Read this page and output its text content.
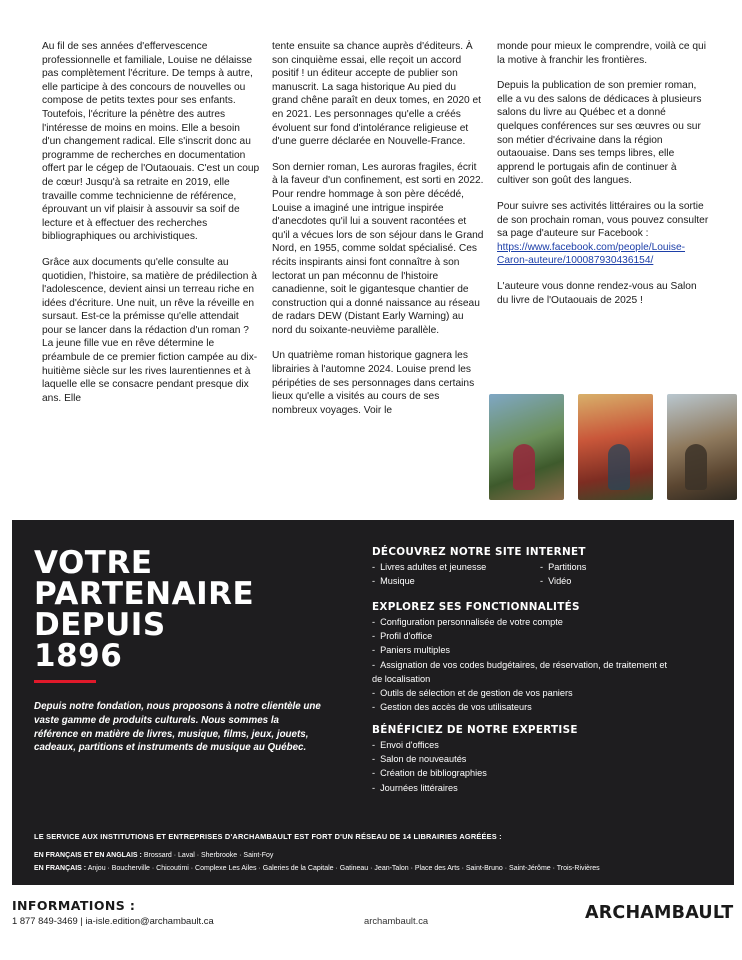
Au fil de ses années d'effervescence professionnelle et familiale, Louise ne délaisse pas complètement l'écriture. De temps à autre, elle participe à des concours de nouvelles ou compose de petits textes pour ses enfants. Toutefois, l'écriture la pénètre des autres l'intéresse de moins en moins. Elle a besoin d'un changement radical. Elle s'inscrit donc au programme de recherches en documentation offert par le cégep de l'Outaouais. C'est un coup de cœur! Jusqu'à sa retraite en 2019, elle travaille comme technicienne de référence, éprouvant un vif plaisir à assouvir sa soif de lecture et à effectuer des recherches bibliographiques ou archivistiques.

Grâce aux documents qu'elle consulte au quotidien, l'histoire, sa matière de prédilection à l'adolescence, devient ainsi un terreau riche en idées d'écriture. Une nuit, un rêve la réveille en sursaut. Est-ce la prémisse qu'elle attendait pour se lancer dans la rédaction d'un roman ? La jeune fille vue en rêve détermine le préambule de ce premier fiction campée au dix-huitième siècle sur les rives laurentiennes et à laquelle elle se consacre pendant presque dix ans. Elle

tente ensuite sa chance auprès d'éditeurs. À son cinquième essai, elle reçoit un accord positif ! un éditeur accepte de publier son manuscrit. La saga historique Au pied du grand chêne paraît en deux tomes, en 2020 et en 2021. Les personnages qu'elle a créés évoluent sur fond d'intolérance religieuse et d'une guerre déclarée en Nouvelle-France.

Son dernier roman, Les auroras fragiles, écrit à la faveur d'un confinement, est sorti en 2022. Pour rendre hommage à son père décédé, Louise a imaginé une intrigue inspirée d'anecdotes qu'il lui a souvent racontées et qu'il a vécues lors de son séjour dans le Grand Nord, en 1955, comme soldat spécialisé. Ces récits inspirants ainsi font connaître à son lectorat un pan méconnu de l'histoire canadienne, soit le gigantesque chantier de construction qui a donné naissance au réseau de radars DEW (Distant Early Warning) au nord du soixante-neuvième parallèle.

Un quatrième roman historique gagnera les librairies à l'automne 2024. Louise prend les péripéties de ses personnages dans certains lieux qu'elle a visités au cours de ses nombreux voyages. Voir le

monde pour mieux le comprendre, voilà ce qui la motive à franchir les frontières.

Depuis la publication de son premier roman, elle a vu des salons de dédicaces à plusieurs salons du livre au Québec et a donné quelques conférences sur ses œuvres ou sur son métier d'écrivaine dans la région outaouaise. Dans ses temps libres, elle apprend le portugais afin de continuer à cultiver son goût des langues.

Pour suivre ses activités littéraires ou la sortie de son prochain roman, vous pouvez consulter sa page d'auteure sur Facebook : https://www.facebook.com/people/Louise-Caron-auteure/100087930436154/

L'auteure vous donne rendez-vous au Salon du livre de l'Outaouais de 2025 !

VOTRE PARTENAIRE DEPUIS 1896

Depuis notre fondation, nous proposons à notre clientèle une vaste gamme de produits culturels. Nous sommes la référence en matière de livres, musique, films, jeux, jouets, cadeaux, partitions et instruments de musique au Québec.

DÉCOUVREZ NOTRE SITE INTERNET
- Livres adultes et jeunesse	- Partitions
- Musique	- Vidéo
EXPLOREZ SES FONCTIONNALITÉS
- Configuration personnalisée de votre compte
- Profil d'office
- Paniers multiples
- Assignation de vos codes budgétaires, de réservation, de traitement et de localisation
- Outils de sélection et de gestion de vos paniers
- Gestion des accès de vos utilisateurs
BÉNÉFICIEZ DE NOTRE EXPERTISE
- Envoi d'offices
- Salon de nouveautés
- Création de bibliographies
- Journées littéraires

LE SERVICE AUX INSTITUTIONS ET ENTREPRISES D'ARCHAMBAULT EST FORT D'UN RÉSEAU DE 14 LIBRAIRIES AGRÉÉES :

EN FRANÇAIS ET EN ANGLAIS : Brossard · Laval · Sherbrooke · Saint-Foy

EN FRANÇAIS : Anjou · Boucherville · Chicoutimi · Complexe Les Ailes · Galeries de la Capitale · Gatineau · Jean-Talon · Place des Arts · Saint-Bruno · Saint-Jérôme · Trois-Rivières

INFORMATIONS :

1 877 849-3469 | ia-isle.edition@archambault.ca	archambault.ca	ARCHAMBAULT
